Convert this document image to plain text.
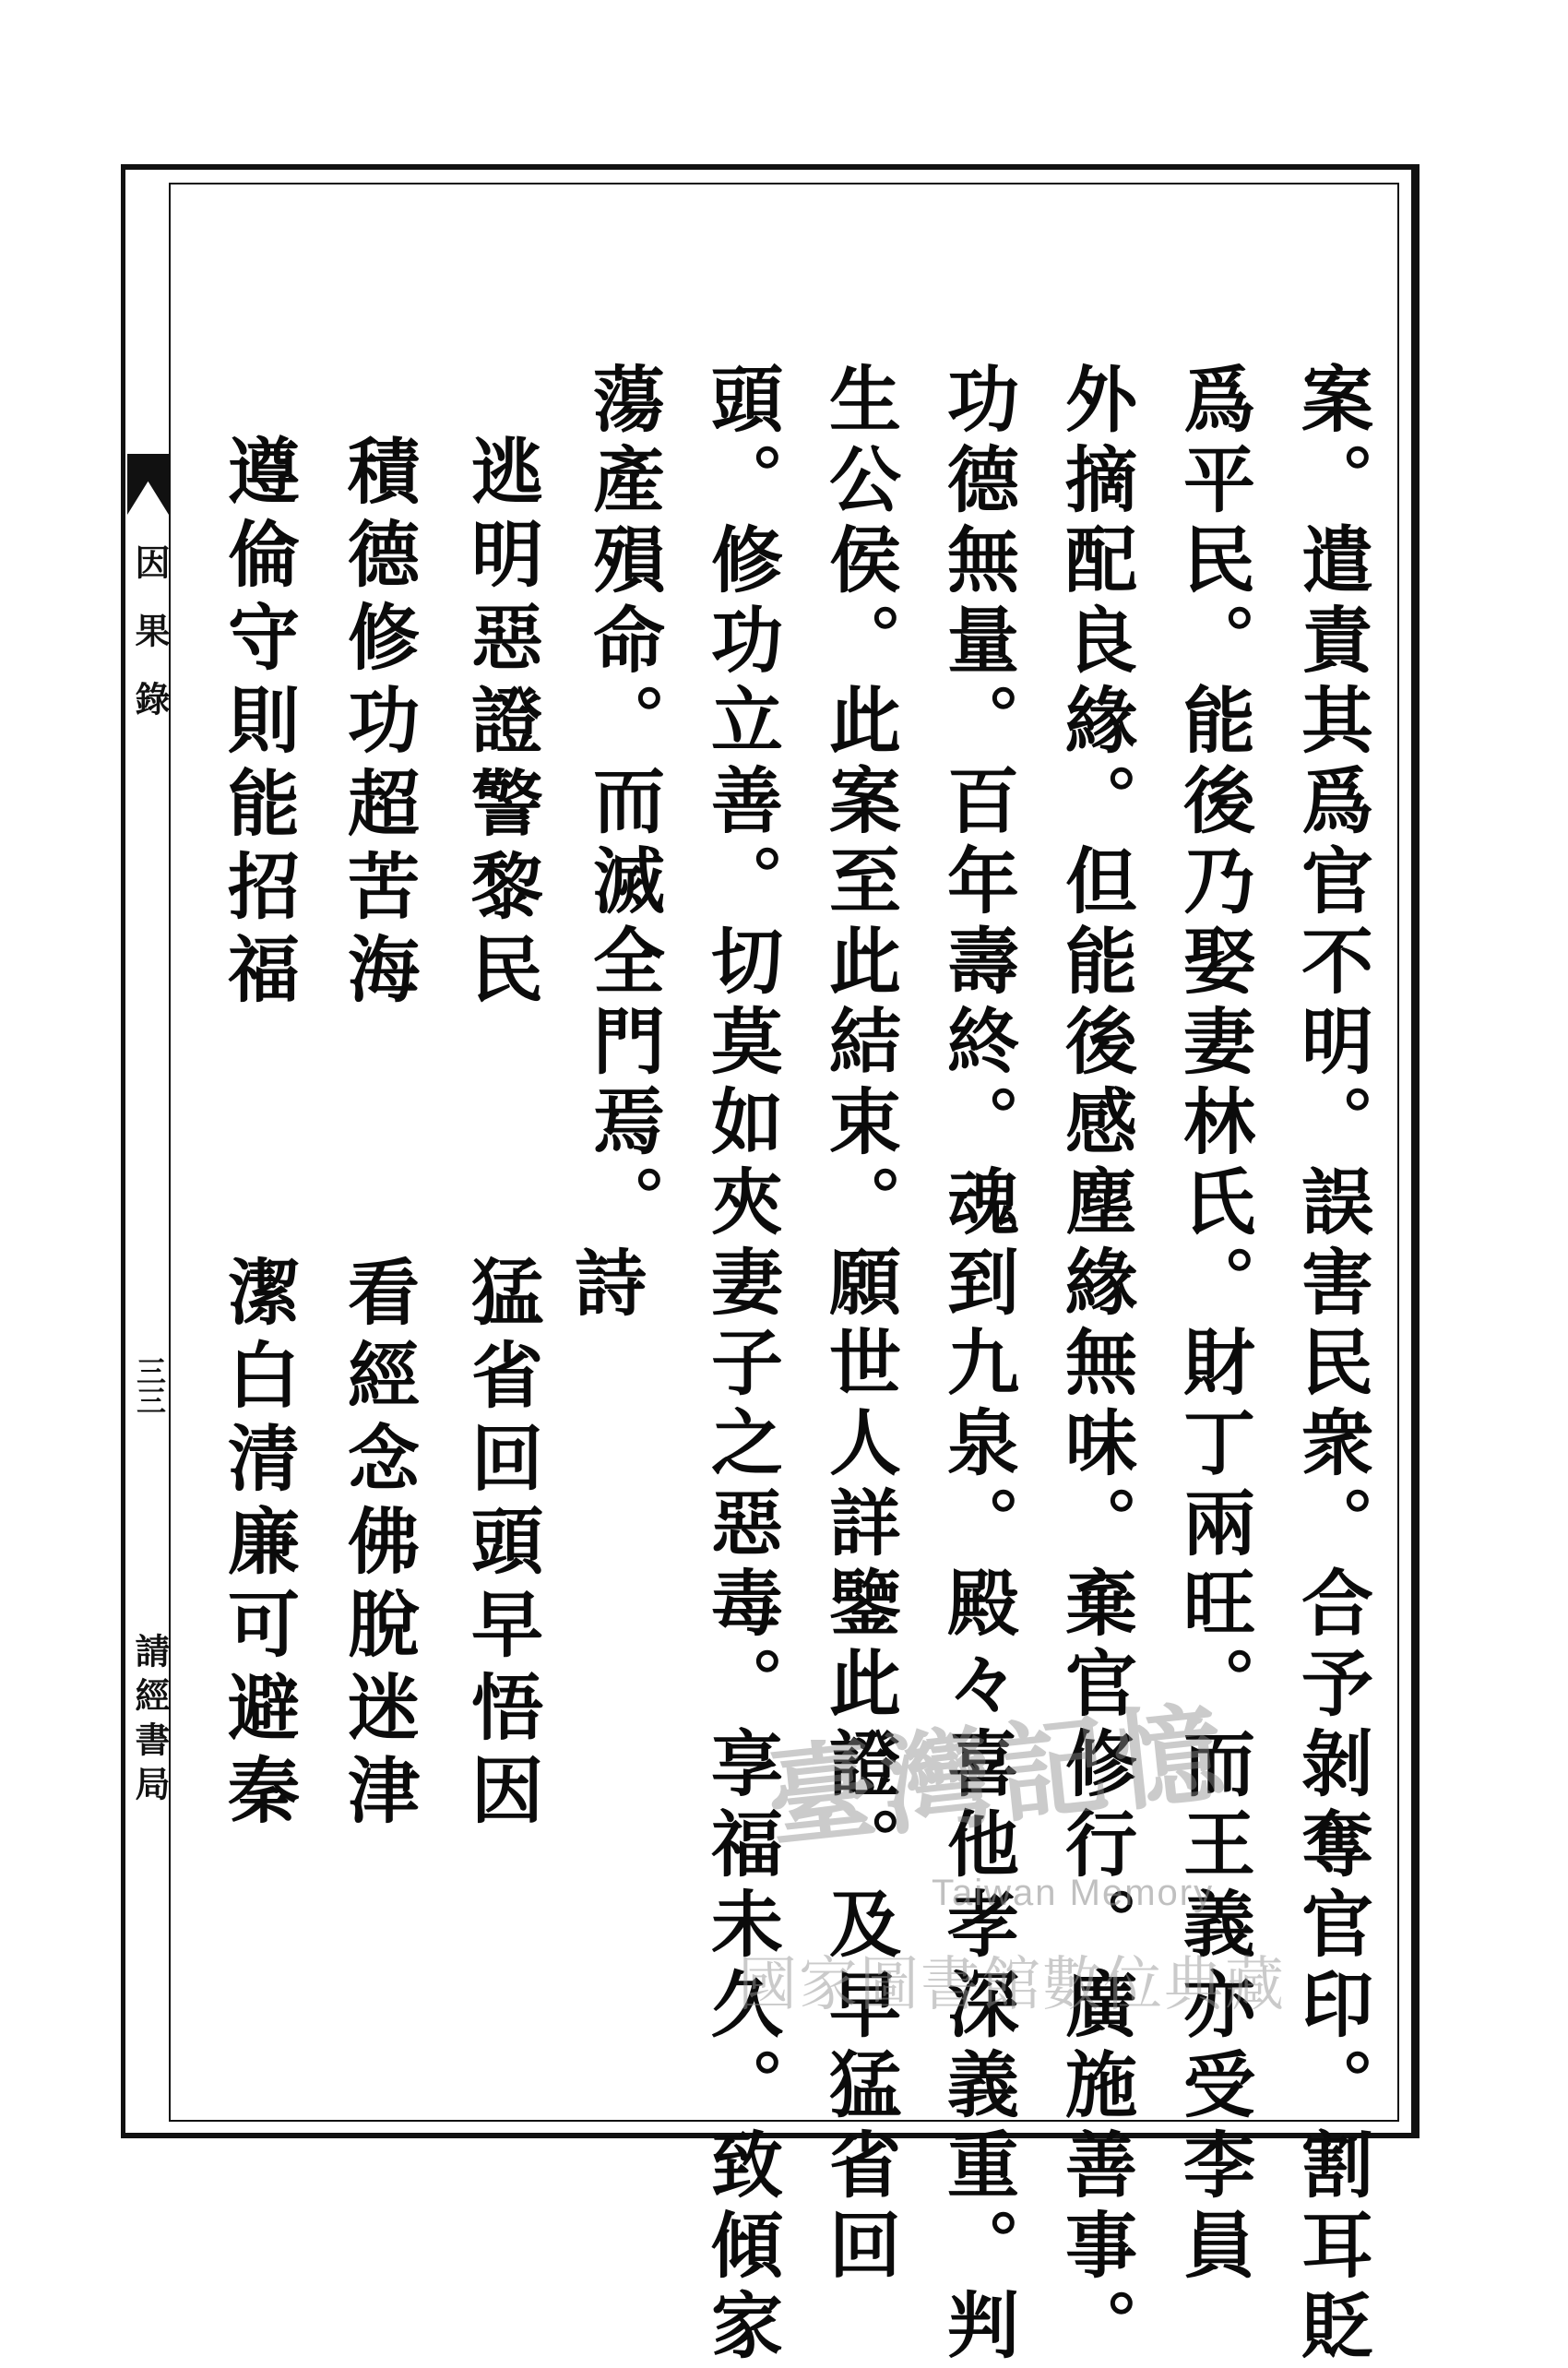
因果錄
三三
請經書局	案。遣責其爲官不明。誤害民衆。合予剝奪官印。割耳貶
爲平民。能後乃娶妻林氏。財丁兩旺。而王義亦受李員
外摘配良緣。但能後感塵緣無味。棄官修行。廣施善事。
功德無量。百年壽終。魂到九泉。殿々喜他孝深義重。判
生公侯。此案至此結束。願世人詳鑒此證。及早猛省回
頭。修功立善。切莫如夾妻子之惡毒。享福未久。致傾家
蕩產殞命。而滅全門焉。
詩
逃明惡證警黎民
猛省回頭早悟因
積德修功超苦海
看經念佛脫迷津
遵倫守則能招福
潔白清廉可避秦	臺灣記憶
Taiwan Memory
國家圖書館數位典藏
